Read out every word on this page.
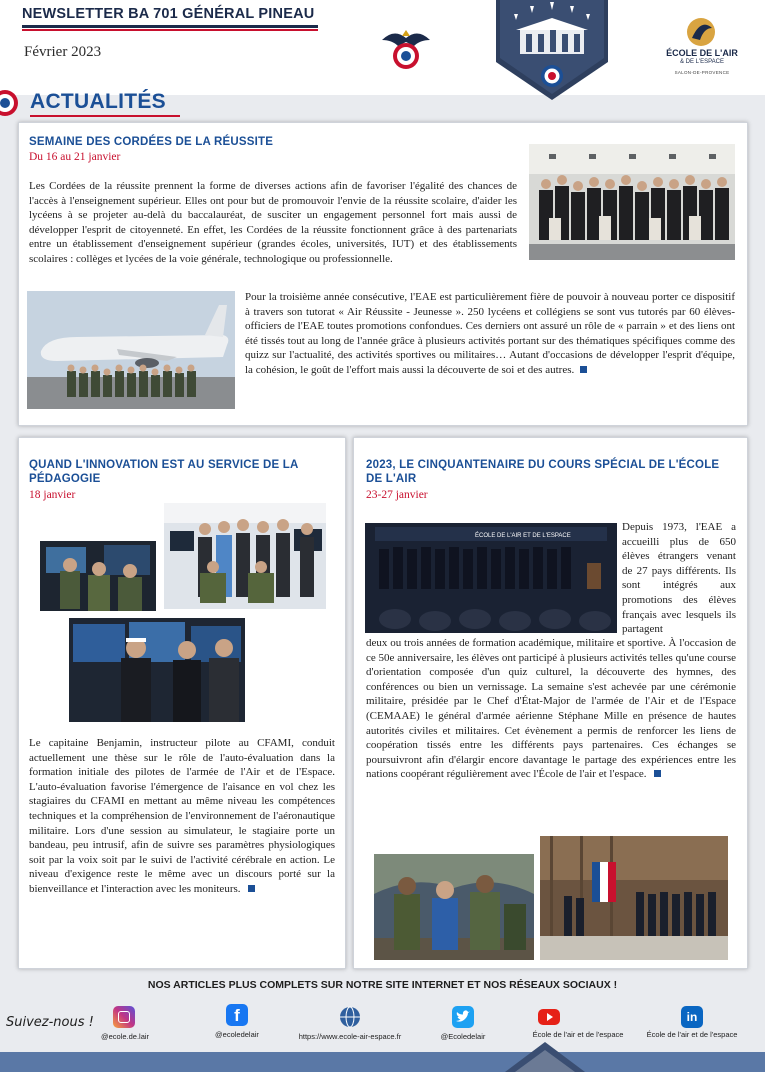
NEWSLETTER BA 701 GÉNÉRAL PINEAU
Février 2023	ÉCOLE DE L'AIR
& DE L'ESPACE
SALON-DE-PROVENCE
ACTUALITÉS
SEMAINE DES CORDÉES DE LA RÉUSSITE
Du 16 au 21 janvier
Les Cordées de la réussite prennent la forme de diverses actions afin de favoriser l'égalité des chances de l'accès à l'enseignement supérieur. Elles ont pour but de promouvoir l'envie de la réussite scolaire, d'aider les lycéens à se projeter au-delà du baccalauréat, de susciter un engagement personnel fort mais aussi de développer l'esprit de citoyenneté. En effet, les Cordées de la réussite fonctionnent grâce à des partenariats entre un établissement d'enseignement supérieur (grandes écoles, universités, IUT) et des établissements scolaires : collèges et lycées de la voie générale, technologique ou professionnelle.
Pour la troisième année consécutive, l'EAE est particulièrement fière de pouvoir à nouveau porter ce dispositif à travers son tutorat « Air Réussite - Jeunesse ». 250 lycéens et collégiens se sont vus tutorés par 60 élèves-officiers de l'EAE toutes promotions confondues. Ces derniers ont assuré un rôle de « parrain » et des liens ont été tissés tout au long de l'année grâce à plusieurs activités portant sur des thématiques spécifiques comme des quizz sur l'actualité, des activités sportives ou militaires… Autant d'occasions de développer l'esprit d'équipe, la cohésion, le goût de l'effort mais aussi la découverte de soi et des autres.
QUAND L'INNOVATION EST AU SERVICE DE LA PÉDAGOGIE
18 janvier
Le capitaine Benjamin, instructeur pilote au CFAMI, conduit actuellement une thèse sur le rôle de l'auto-évaluation dans la formation initiale des pilotes de l'armée de l'Air et de l'Espace. L'auto-évaluation favorise l'émergence de l'aisance en vol chez les stagiaires du CFAMI en mettant au même niveau les compétences techniques et la compréhension de l'environnement de l'aéronautique militaire. Lors d'une session au simulateur, le stagiaire porte un bandeau, peu intrusif, afin de suivre ses paramètres physiologiques soit par la voix soit par le suivi de l'activité cérébrale en action. Le niveau d'exigence reste le même avec un discours porté sur la bienveillance et l'interaction avec les moniteurs.
2023, LE CINQUANTENAIRE DU COURS SPÉCIAL DE L'ÉCOLE DE L'AIR
23-27 janvier
ÉCOLE DE L'AIR ET DE L'ESPACE
Depuis 1973, l'EAE a accueilli plus de 650 élèves étrangers venant de 27 pays différents. Ils sont intégrés aux promotions des élèves français avec lesquels ils partagent
deux ou trois années de formation académique, militaire et sportive. À l'occasion de ce 50e anniversaire, les élèves ont participé à plusieurs activités telles qu'une course d'orientation composée d'un quiz culturel, la découverte des hymnes, des conférences ou bien un vernissage. La semaine s'est achevée par une cérémonie militaire, présidée par le Chef d'État-Major de l'armée de l'Air et de l'Espace (CEMAAE) le général d'armée aérienne Stéphane Mille en présence de hautes autorités civiles et militaires. Cet évènement a permis de renforcer les liens de coopération tissés entre les différents pays partenaires. Ces échanges se poursuivront afin d'élargir encore davantage le partage des expériences entre les nations coopérant régulièrement avec l'École de l'air et l'espace.
NOS ARTICLES PLUS COMPLETS SUR NOTRE SITE INTERNET ET NOS RÉSEAUX SOCIAUX !
Suivez-nous !
@ecole.de.lair
f
@ecoledelair	https://www.ecole-air-espace.fr	@Ecoledelair	École de l'air et de l'espace
in
École de l'air et de l'espace
